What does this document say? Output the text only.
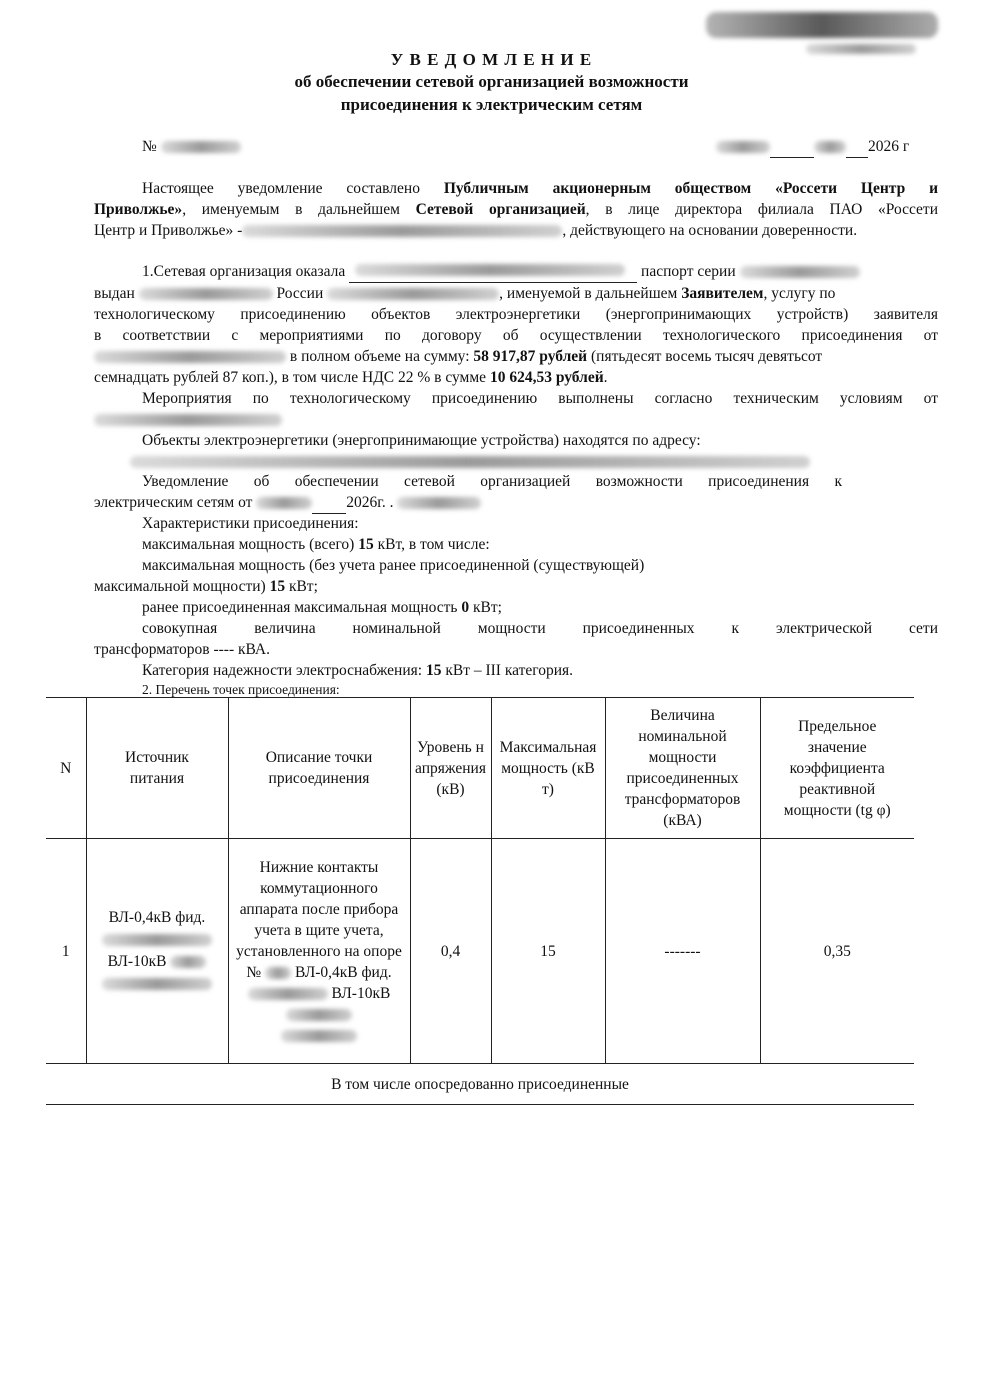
У В Е Д О М Л Е Н И Е
об обеспечении сетевой организацией возможности
присоединения к электрическим сетям
№	2026 г
Настоящее уведомление составлено Публичным акционерным обществом «Россети Центр и
Приволжье», именуемым в дальнейшем Сетевой организацией, в лице директора филиала ПАО «Россети
Центр и Приволжье» -	, действующего на основании доверенности.
1.Сетевая организация оказала	паспорт серии
выдан	России	, именуемой в дальнейшем Заявителем, услугу по
технологическому присоединению объектов электроэнергетики (энергопринимающих устройств) заявителя
в соответствии с мероприятиями по договору об осуществлении технологического присоединения от
в полном объеме на сумму: 58 917,87 рублей (пятьдесят восемь тысяч девятьсот
семнадцать рублей 87 коп.), в том числе НДС 22 % в сумме 10 624,53 рублей.
Мероприятия по технологическому присоединению выполнены согласно техническим условиям от
Объекты электроэнергетики (энергопринимающие устройства) находятся по адресу:
Уведомление об обеспечении сетевой организацией возможности присоединения к
электрическим сетям от	2026г. .
Характеристики присоединения:
максимальная мощность (всего) 15 кВт, в том числе:
максимальная мощность (без учета ранее присоединенной (существующей)
максимальной мощности) 15 кВт;
ранее присоединенная максимальная мощность 0 кВт;
совокупная величина номинальной мощности присоединенных к электрической сети
трансформаторов ---- кВА.
Категория надежности электроснабжения: 15 кВт – III категория.
2. Перечень точек присоединения:
N	Источник питания	Описание точки присоединения	Уровень напряжения (кВ)	Максимальная мощность (кВт)	Величина номинальной мощности присоединенных трансформаторов (кВА)	Предельное значение коэффициента реактивной мощности (tg φ)
1	ВЛ-0,4кВ фид.
ВЛ-10кВ	Нижние контакты коммутационного аппарата после прибора учета в щите учета, установленного на опоре № ВЛ-0,4кВ фид.  ВЛ-10кВ	0,4	15	-------	0,35
В том числе опосредованно присоединенные						
